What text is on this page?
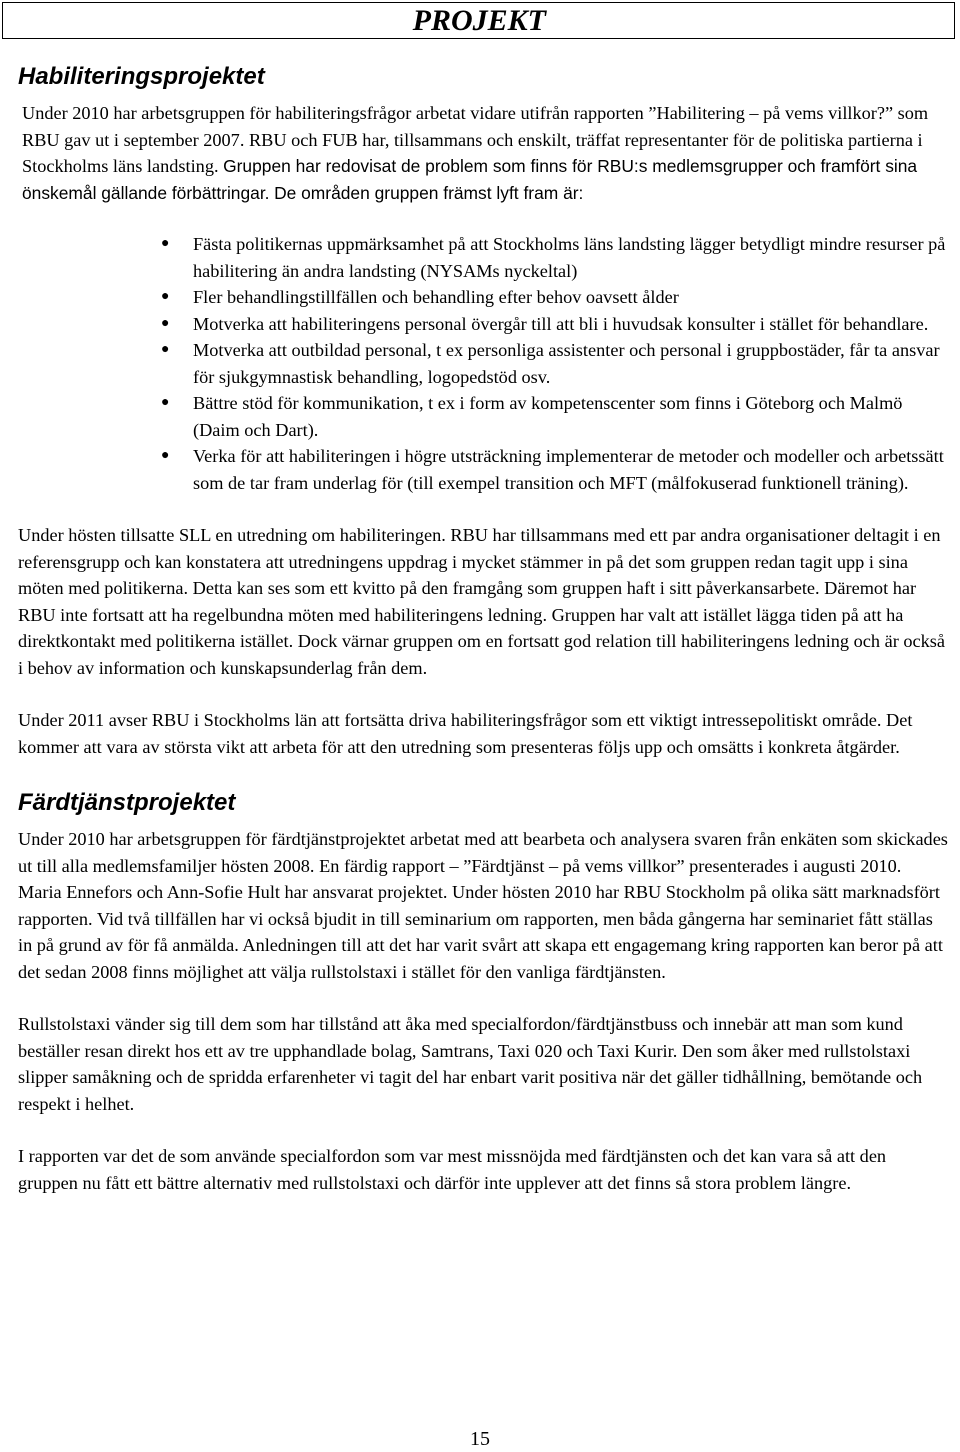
PROJEKT
Habiliteringsprojektet

Under 2010 har arbetsgruppen för habiliteringsfrågor arbetat vidare utifrån rapporten ”Habilitering – på vems villkor?” som RBU gav ut i september 2007. RBU och FUB har, tillsammans och enskilt, träffat representanter för de politiska partierna i Stockholms läns landsting. Gruppen har redovisat de problem som finns för RBU:s medlemsgrupper och framfört sina önskemål gällande förbättringar. De områden gruppen främst lyft fram är:

● Fästa politikernas uppmärksamhet på att Stockholms läns landsting lägger betydligt mindre resurser på habilitering än andra landsting (NYSAMs nyckeltal)
● Fler behandlingstillfällen och behandling efter behov oavsett ålder
● Motverka att habiliteringens personal övergår till att bli i huvudsak konsulter i stället för behandlare.
● Motverka att outbildad personal, t ex personliga assistenter och personal i gruppbostäder, får ta ansvar för sjukgymnastisk behandling, logopedstöd osv.
● Bättre stöd för kommunikation, t ex i form av kompetenscenter som finns i Göteborg och Malmö (Daim och Dart).
● Verka för att habiliteringen i högre utsträckning implementerar de metoder och modeller och arbetssätt som de tar fram underlag för (till exempel transition och MFT (målfokuserad funktionell träning).

Under hösten tillsatte SLL en utredning om habiliteringen. RBU har tillsammans med ett par andra organisationer deltagit i en referensgrupp och kan konstatera att utredningens uppdrag i mycket stämmer in på det som gruppen redan tagit upp i sina möten med politikerna. Detta kan ses som ett kvitto på den framgång som gruppen haft i sitt påverkansarbete. Däremot har RBU inte fortsatt att ha regelbundna möten med habiliteringens ledning. Gruppen har valt att istället lägga tiden på att ha direktkontakt med politikerna istället. Dock värnar gruppen om en fortsatt god relation till habiliteringens ledning och är också i behov av information och kunskapsunderlag från dem.

Under 2011 avser RBU i Stockholms län att fortsätta driva habiliteringsfrågor som ett viktigt intressepolitiskt område. Det kommer att vara av största vikt att arbeta för att den utredning som presenteras följs upp och omsätts i konkreta åtgärder.

Färdtjänstprojektet

Under 2010 har arbetsgruppen för färdtjänstprojektet arbetat med att bearbeta och analysera svaren från enkäten som skickades ut till alla medlemsfamiljer hösten 2008. En färdig rapport – ”Färdtjänst – på vems villkor” presenterades i augusti 2010. Maria Ennefors och Ann-Sofie Hult har ansvarat projektet. Under hösten 2010 har RBU Stockholm på olika sätt marknadsfört rapporten. Vid två tillfällen har vi också bjudit in till seminarium om rapporten, men båda gångerna har seminariet fått ställas in på grund av för få anmälda. Anledningen till att det har varit svårt att skapa ett engagemang kring rapporten kan beror på att det sedan 2008 finns möjlighet att välja rullstolstaxi i stället för den vanliga färdtjänsten.

Rullstolstaxi vänder sig till dem som har tillstånd att åka med specialfordon/färdtjänstbuss och innebär att man som kund beställer resan direkt hos ett av tre upphandlade bolag, Samtrans, Taxi 020 och Taxi Kurir. Den som åker med rullstolstaxi slipper samåkning och de spridda erfarenheter vi tagit del har enbart varit positiva när det gäller tidhållning, bemötande och respekt i helhet.

I rapporten var det de som använde specialfordon som var mest missnöjda med färdtjänsten och det kan vara så att den gruppen nu fått ett bättre alternativ med rullstolstaxi och därför inte upplever att det finns så stora problem längre.

15
